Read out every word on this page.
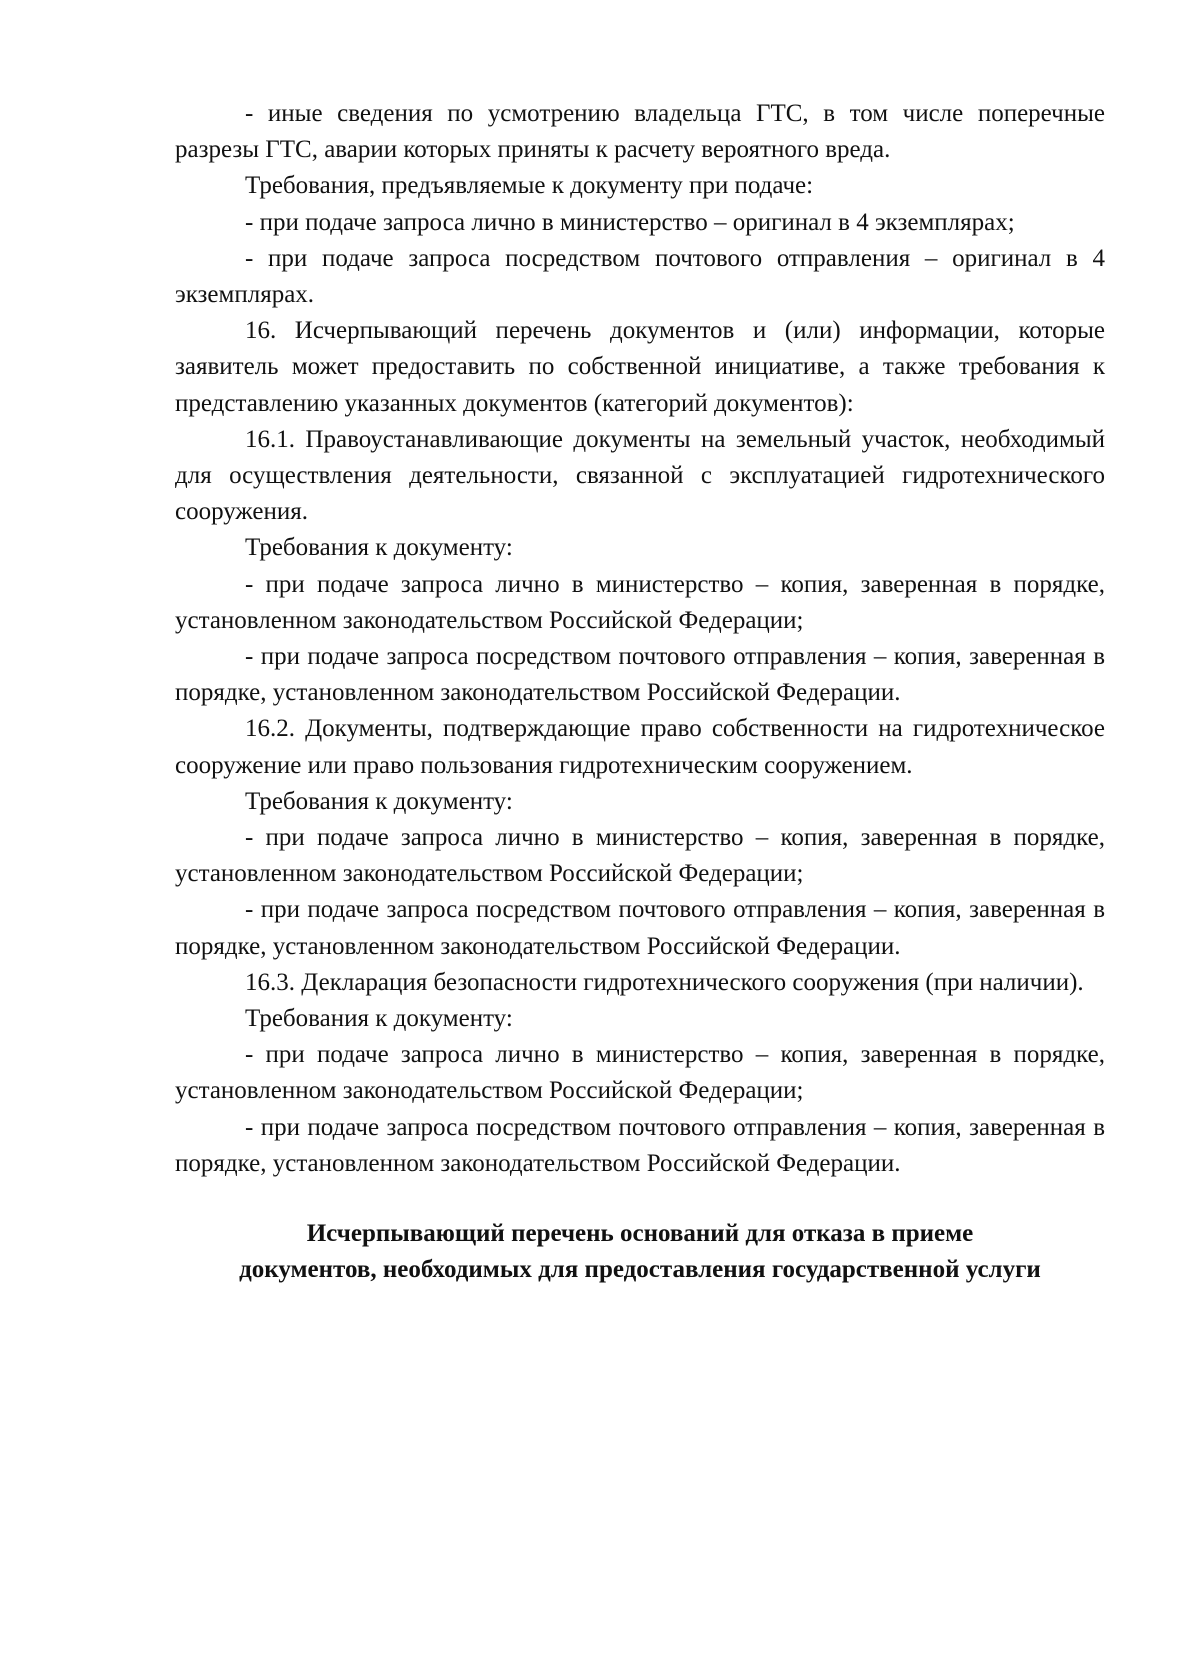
- иные сведения по усмотрению владельца ГТС, в том числе поперечные разрезы ГТС, аварии которых приняты к расчету вероятного вреда.

Требования, предъявляемые к документу при подаче:

- при подаче запроса лично в министерство – оригинал в 4 экземплярах;

- при подаче запроса посредством почтового отправления – оригинал в 4 экземплярах.

16. Исчерпывающий перечень документов и (или) информации, которые заявитель может предоставить по собственной инициативе, а также требования к представлению указанных документов (категорий документов):

16.1. Правоустанавливающие документы на земельный участок, необходимый для осуществления деятельности, связанной с эксплуатацией гидротехнического сооружения.

Требования к документу:

- при подаче запроса лично в министерство – копия, заверенная в порядке, установленном законодательством Российской Федерации;

- при подаче запроса посредством почтового отправления – копия, заверенная в порядке, установленном законодательством Российской Федерации.

16.2. Документы, подтверждающие право собственности на гидротехническое сооружение или право пользования гидротехническим сооружением.

Требования к документу:

- при подаче запроса лично в министерство – копия, заверенная в порядке, установленном законодательством Российской Федерации;

- при подаче запроса посредством почтового отправления – копия, заверенная в порядке, установленном законодательством Российской Федерации.

16.3. Декларация безопасности гидротехнического сооружения (при наличии).

Требования к документу:

- при подаче запроса лично в министерство – копия, заверенная в порядке, установленном законодательством Российской Федерации;

- при подаче запроса посредством почтового отправления – копия, заверенная в порядке, установленном законодательством Российской Федерации.

Исчерпывающий перечень оснований для отказа в приеме
документов, необходимых для предоставления государственной услуги
